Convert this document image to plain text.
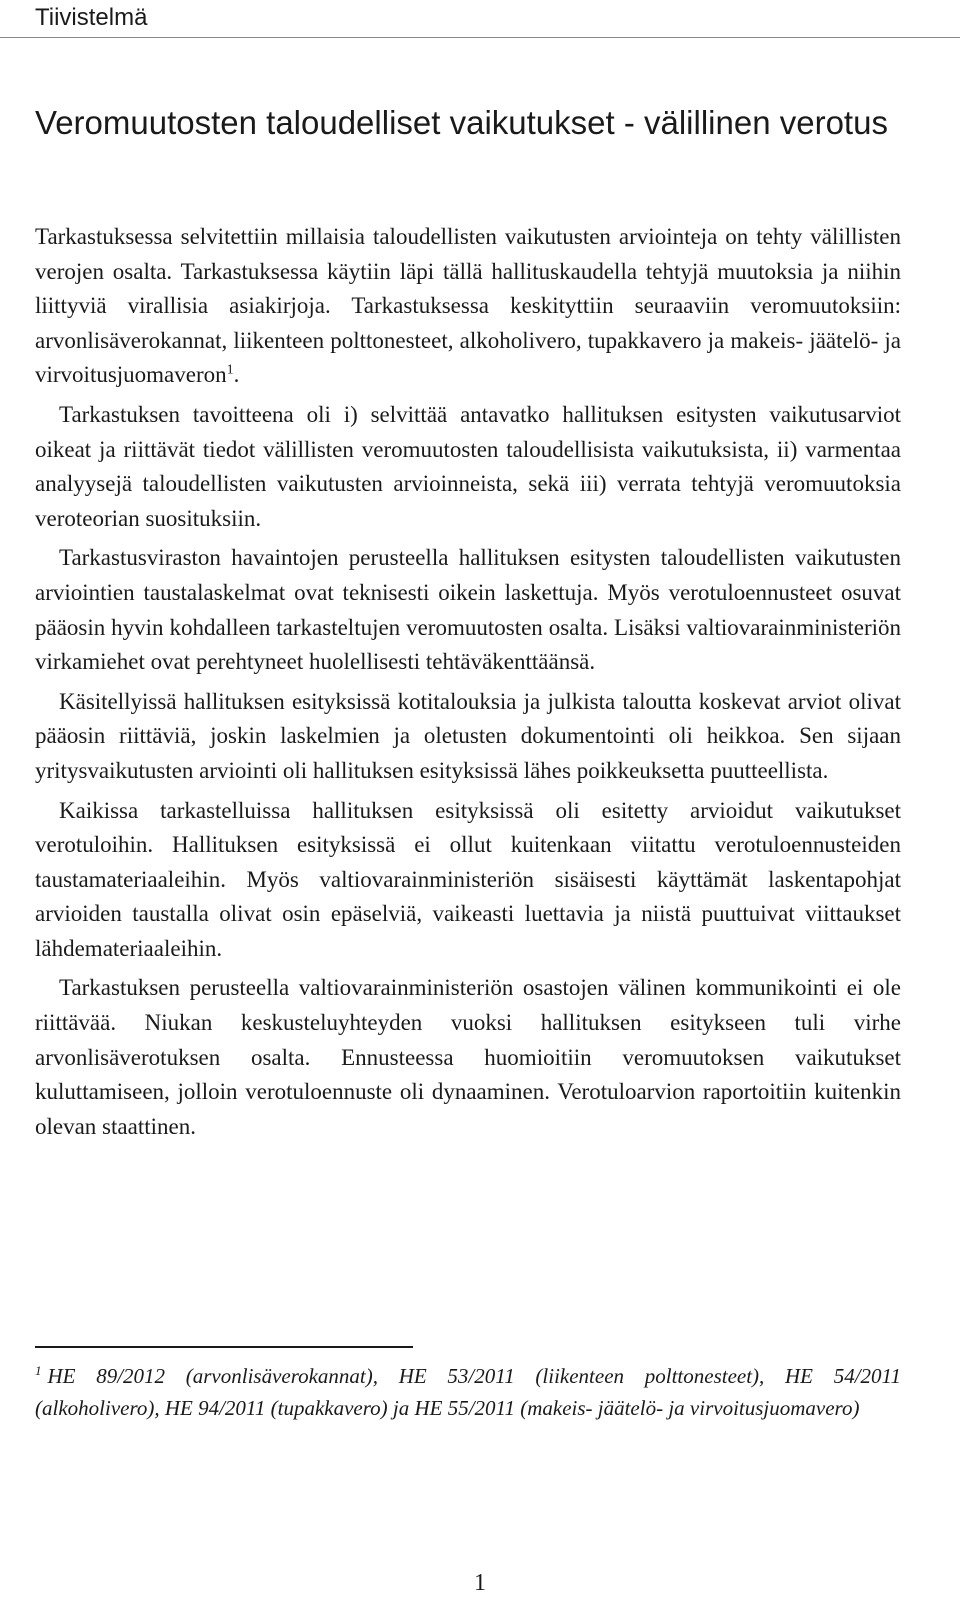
Tiivistelmä
Veromuutosten taloudelliset vaikutukset - välillinen verotus

Tarkastuksessa selvitettiin millaisia taloudellisten vaikutusten arviointeja on tehty välillisten verojen osalta. Tarkastuksessa käytiin läpi tällä hallituskaudella tehtyjä muutoksia ja niihin liittyviä virallisia asiakirjoja. Tarkastuksessa keskityttiin seuraaviin veromuutoksiin: arvonlisäverokannat, liikenteen polttonesteet, alkoholivero, tupakkavero ja makeis- jäätelö- ja virvoitusjuomaveron$^1$.

Tarkastuksen tavoitteena oli i) selvittää antavatko hallituksen esitysten vaikutusarviot oikeat ja riittävät tiedot välillisten veromuutosten taloudellisista vaikutuksista, ii) varmentaa analyysejä taloudellisten vaikutusten arvioinneista, sekä iii) verrata tehtyjä veromuutoksia veroteorian suosituksiin.

Tarkastusviraston havaintojen perusteella hallituksen esitysten taloudellisten vaikutusten arviointien taustalaskelmat ovat teknisesti oikein laskettuja. Myös verotuloennusteet osuvat pääosin hyvin kohdalleen tarkasteltujen veromuutosten osalta. Lisäksi valtiovarainministeriön virkamiehet ovat perehtyneet huolellisesti tehtäväkenttäänsä.

Käsitellyissä hallituksen esityksissä kotitalouksia ja julkista taloutta koskevat arviot olivat pääosin riittäviä, joskin laskelmien ja oletusten dokumentointi oli heikkoa. Sen sijaan yritysvaikutusten arviointi oli hallituksen esityksissä lähes poikkeuksetta puutteellista.

Kaikissa tarkastelluissa hallituksen esityksissä oli esitetty arvioidut vaikutukset verotuloihin. Hallituksen esityksissä ei ollut kuitenkaan viitattu verotuloennusteiden taustamateriaaleihin. Myös valtiovarainministeriön sisäisesti käyttämät laskentapohjat arvioiden taustalla olivat osin epäselviä, vaikeasti luettavia ja niistä puuttuivat viittaukset lähdemateriaaleihin.

Tarkastuksen perusteella valtiovarainministeriön osastojen välinen kommunikointi ei ole riittävää. Niukan keskusteluyhteyden vuoksi hallituksen esitykseen tuli virhe arvonlisäverotuksen osalta. Ennusteessa huomioitiin veromuutoksen vaikutukset kuluttamiseen, jolloin verotuloennuste oli dynaaminen. Verotuloarvion raportoitiin kuitenkin olevan staattinen.

$^1$ HE 89/2012 (arvonlisäverokannat), HE 53/2011 (liikenteen polttonesteet), HE 54/2011 (alkoholivero), HE 94/2011 (tupakkavero) ja HE 55/2011 (makeis- jäätelö- ja virvoitusjuomavero)
1
